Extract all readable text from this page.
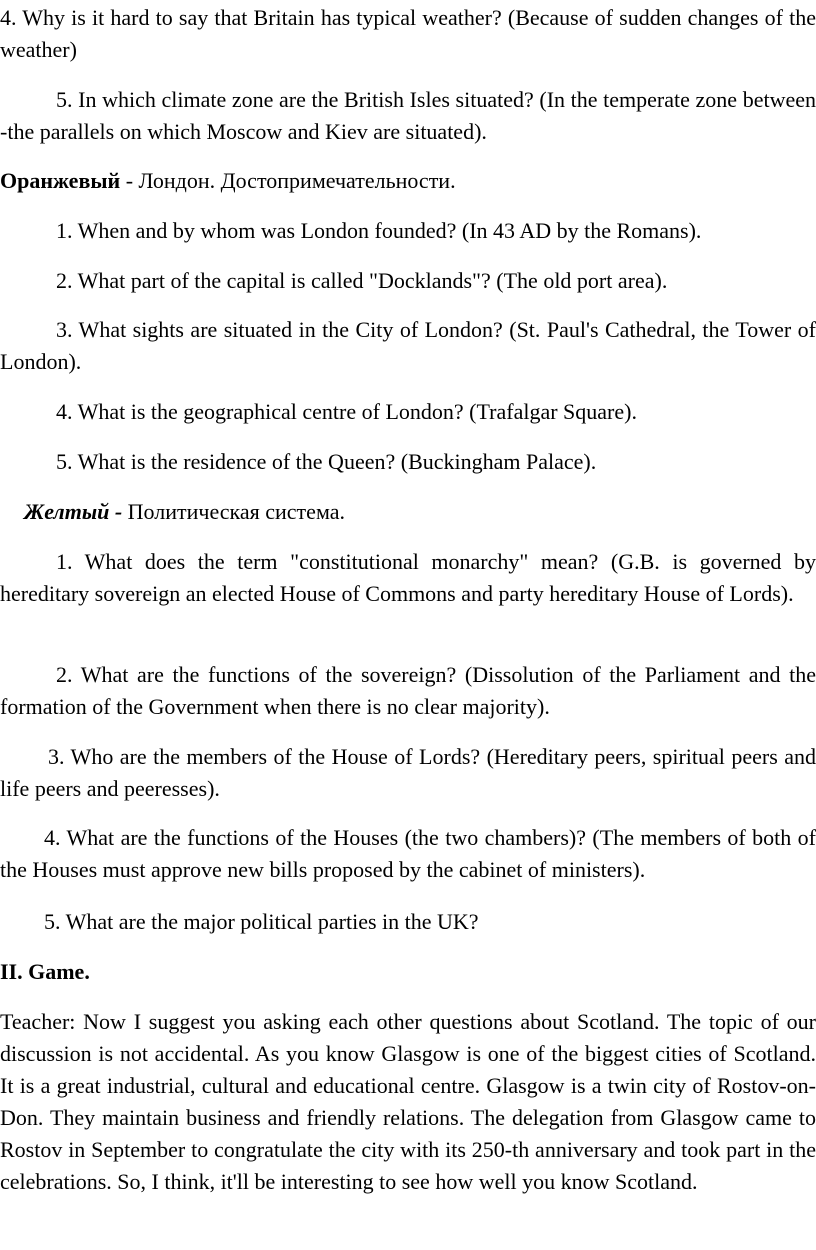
4. Why is it hard to say that Britain has typical weather? (Because of sudden changes of the weather)

5. In which climate zone are the British Isles situated? (In the temperate zone between -the parallels on which Moscow and Kiev are situated).

Оранжевый - Лондон. Достопримечательности.

1. When and by whom was London founded? (In 43 AD by the Romans).

2. What part of the capital is called "Docklands"? (The old port area).

3. What sights are situated in the City of London? (St. Paul's Cathedral, the Tower of London).

4. What is the geographical centre of London? (Trafalgar Square).

5. What is the residence of the Queen? (Buckingham Palace).

Желтый - Политическая система.

1. What does the term "constitutional monarchy" mean? (G.B. is governed by hereditary sovereign an elected House of Commons and party hereditary House of Lords).

2. What are the functions of the sovereign? (Dissolution of the Parliament and the formation of the Government when there is no clear majority).

3. Who are the members of the House of Lords? (Hereditary peers, spiritual peers and life peers and peeresses).

4. What are the functions of the Houses (the two chambers)? (The members of both of the Houses must approve new bills proposed by the cabinet of ministers).

5. What are the major political parties in the UK?

II. Game.

Teacher: Now I suggest you asking each other questions about Scotland. The topic of our discussion is not accidental. As you know Glasgow is one of the biggest cities of Scotland. It is a great industrial, cultural and educational centre. Glasgow is a twin city of Rostov-on-Don. They maintain business and friendly relations. The delegation from Glasgow came to Rostov in September to congratulate the city with its 250-th anniversary and took part in the celebrations. So, I think, it'll be interesting to see how well you know Scotland.
